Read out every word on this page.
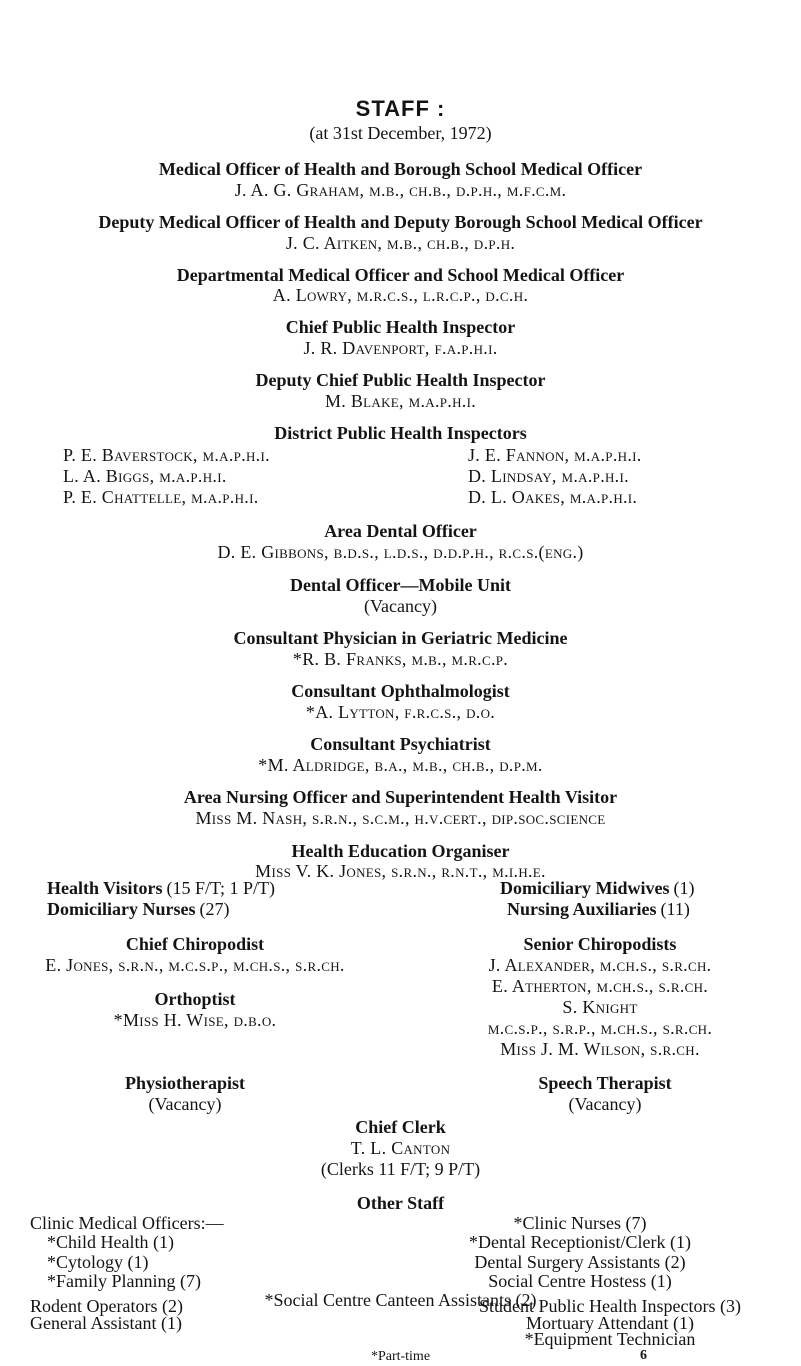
STAFF :
(at 31st December, 1972)
Medical Officer of Health and Borough School Medical Officer
J. A. G. Graham, m.b., ch.b., d.p.h., m.f.c.m.
Deputy Medical Officer of Health and Deputy Borough School Medical Officer
J. C. Aitken, m.b., ch.b., d.p.h.
Departmental Medical Officer and School Medical Officer
A. Lowry, m.r.c.s., l.r.c.p., d.c.h.
Chief Public Health Inspector
J. R. Davenport, f.a.p.h.i.
Deputy Chief Public Health Inspector
M. Blake, m.a.p.h.i.
District Public Health Inspectors
P. E. Baverstock, m.a.p.h.i.
L. A. Biggs, m.a.p.h.i.
P. E. Chattelle, m.a.p.h.i.
J. E. Fannon, m.a.p.h.i.
D. Lindsay, m.a.p.h.i.
D. L. Oakes, m.a.p.h.i.
Area Dental Officer
D. E. Gibbons, b.d.s., l.d.s., d.d.p.h., r.c.s.(eng.)
Dental Officer—Mobile Unit
(Vacancy)
Consultant Physician in Geriatric Medicine
*R. B. Franks, m.b., m.r.c.p.
Consultant Ophthalmologist
*A. Lytton, f.r.c.s., d.o.
Consultant Psychiatrist
*M. Aldridge, b.a., m.b., ch.b., d.p.m.
Area Nursing Officer and Superintendent Health Visitor
Miss M. Nash, s.r.n., s.c.m., h.v.cert., dip.soc.science
Health Education Organiser
Miss V. K. Jones, s.r.n., r.n.t., m.i.h.e.
Health Visitors (15 F/T; 1 P/T)
Domiciliary Nurses (27)
Domiciliary Midwives (1)
Nursing Auxiliaries (11)
Chief Chiropodist
E. Jones, s.r.n., m.c.s.p., m.ch.s., s.r.ch.
Orthoptist
*Miss H. Wise, d.b.o.
Senior Chiropodists
J. Alexander, m.ch.s., s.r.ch.
E. Atherton, m.ch.s., s.r.ch.
S. Knight
m.c.s.p., s.r.p., m.ch.s., s.r.ch.
Miss J. M. Wilson, s.r.ch.
Physiotherapist
(Vacancy)
Speech Therapist
(Vacancy)
Chief Clerk
T. L. Canton
(Clerks 11 F/T; 9 P/T)
Other Staff
Clinic Medical Officers:—
*Child Health (1)
*Cytology (1)
*Family Planning (7)
*Clinic Nurses (7)
*Dental Receptionist/Clerk (1)
Dental Surgery Assistants (2)
Social Centre Hostess (1)
*Social Centre Canteen Assistants (2)
Rodent Operators (2)
General Assistant (1)
Student Public Health Inspectors (3)
Mortuary Attendant (1)
*Equipment Technician
*Part-time	6
